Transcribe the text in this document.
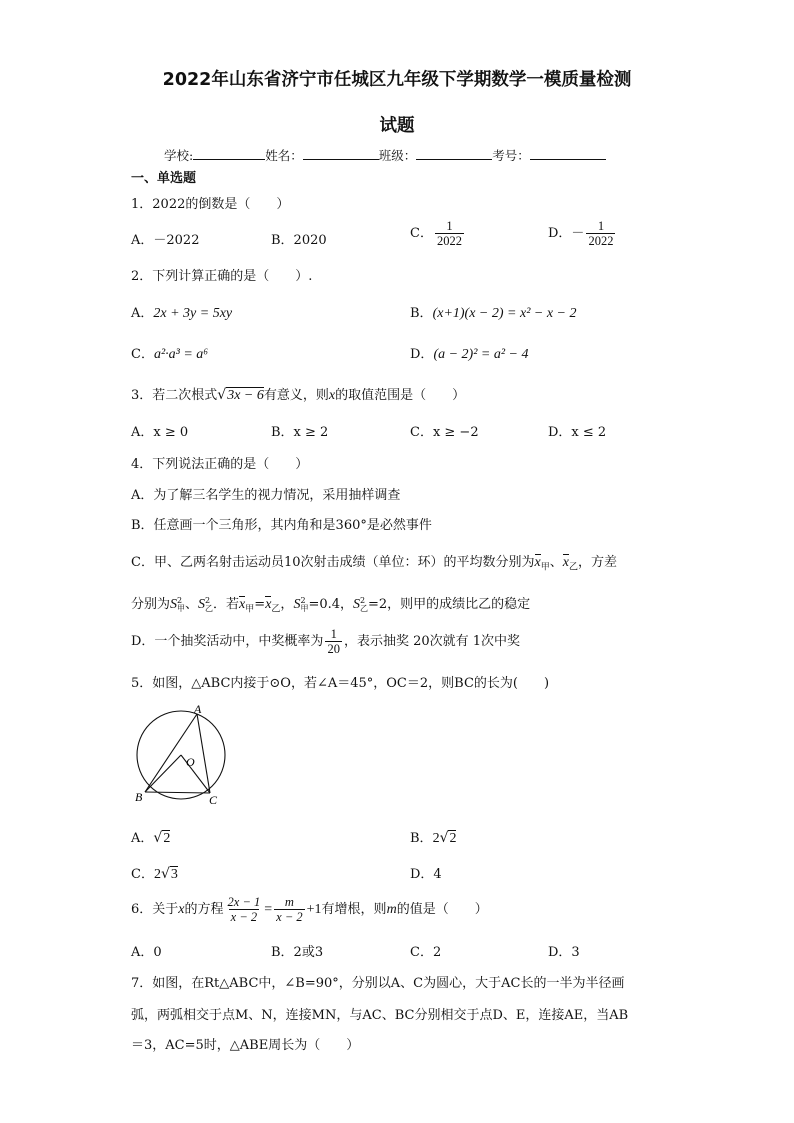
2022年山东省济宁市任城区九年级下学期数学一模质量检测
试题
学校:	姓名：	班级：	考号：
一、单选题
1．2022的倒数是（　　）
A．－2022	B．2020	C． $\frac{1}{2022}$	D．－ $\frac{1}{2022}$
2．下列计算正确的是（　　）.
A．2x + 3y = 5xy	B．(x+1)(x − 2) = x² − x − 2
C．a²·a³ = a⁶	D．(a − 2)² = a² − 4
3．若二次根式√3x − 6有意义，则x的取值范围是（　　）
A．x ≥ 0	B．x ≥ 2	C．x ≥ −2	D．x ≤ 2
4．下列说法正确的是（　　）
A．为了解三名学生的视力情况，采用抽样调查
B．任意画一个三角形，其内角和是360°是必然事件
C．甲、乙两名射击运动员10次射击成绩（单位：环）的平均数分别为$x_甲$、$x_乙$，方差
分别为S 2
甲 、S 2
乙 ．若$x_甲=x_乙$，S 2
甲 =0.4，S 2
乙 =2，则甲的成绩比乙的稳定
D．一个抽奖活动中，中奖概率为 $\frac{1}{20}$ ，表示抽奖 20次就有 1次中奖
5．如图，△ABC内接于⊙O，若∠A＝45°，OC＝2，则BC的长为(　　)
A
B	C
O
A．√2	B．2√2
C．2√3	D．4
6．关于x的方程 $\frac{2x - 1}{x - 2} = \frac{m}{x - 2} +1$有增根，则m的值是（　　）
A．0	B．2或3	C．2	D．3
7．如图，在Rt△ABC中，∠B=90°，分别以A、C为圆心，大于AC长的一半为半径画
弧，两弧相交于点M、N，连接MN，与AC、BC分别相交于点D、E，连接AE，当AB
＝3，AC=5时，△ABE周长为（　　）
